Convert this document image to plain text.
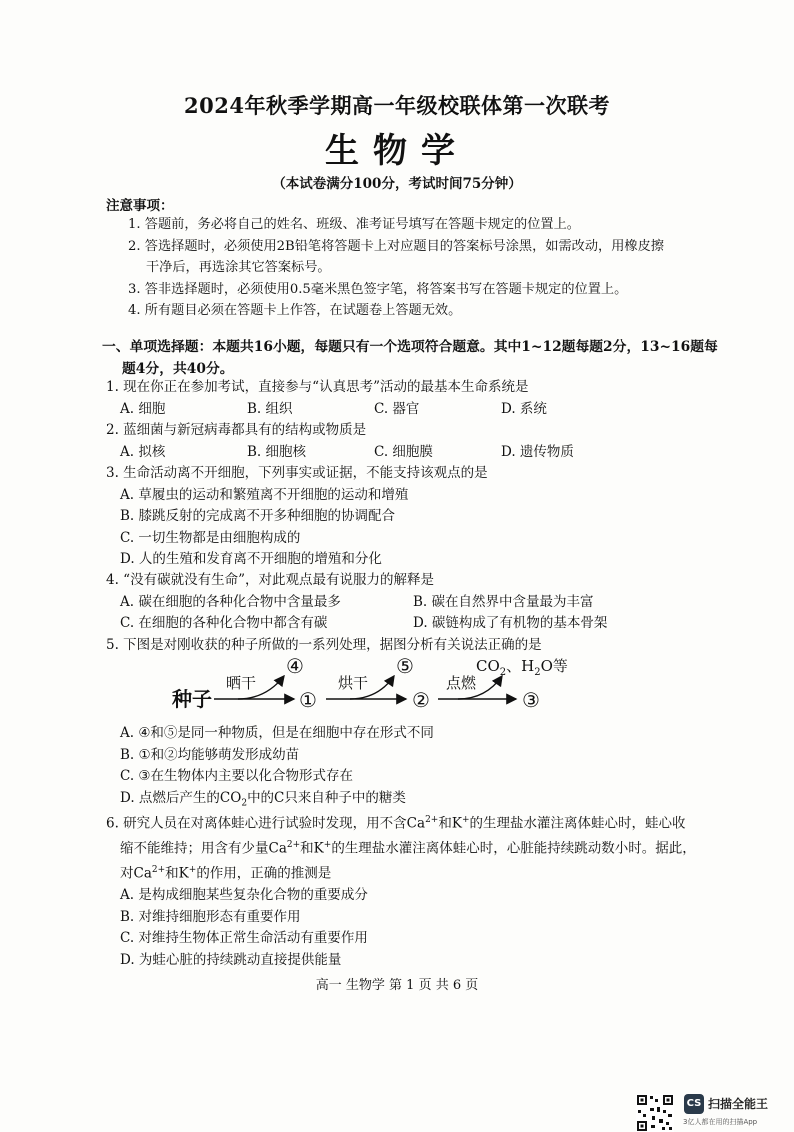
2024年秋季学期高一年级校联体第一次联考
生物学
（本试卷满分100分，考试时间75分钟）
注意事项：
1. 答题前，务必将自己的姓名、班级、准考证号填写在答题卡规定的位置上。
2. 答选择题时，必须使用2B铅笔将答题卡上对应题目的答案标号涂黑，如需改动，用橡皮擦
干净后，再选涂其它答案标号。
3. 答非选择题时，必须使用0.5毫米黑色签字笔，将答案书写在答题卡规定的位置上。
4. 所有题目必须在答题卡上作答，在试题卷上答题无效。
一、单项选择题：本题共16小题，每题只有一个选项符合题意。其中1~12题每题2分，13~16题每
题4分，共40分。
1. 现在你正在参加考试，直接参与“认真思考”活动的最基本生命系统是
A. 细胞	B. 组织	C. 器官	D. 系统
2. 蓝细菌与新冠病毒都具有的结构或物质是
A. 拟核	B. 细胞核	C. 细胞膜	D. 遗传物质
3. 生命活动离不开细胞，下列事实或证据，不能支持该观点的是
A. 草履虫的运动和繁殖离不开细胞的运动和增殖
B. 膝跳反射的完成离不开多种细胞的协调配合
C. 一切生物都是由细胞构成的
D. 人的生殖和发育离不开细胞的增殖和分化
4. “没有碳就没有生命”，对此观点最有说服力的解释是
A. 碳在细胞的各种化合物中含量最多	B. 碳在自然界中含量最为丰富
C. 在细胞的各种化合物中都含有碳	D. 碳链构成了有机物的基本骨架
5. 下图是对刚收获的种子所做的一系列处理，据图分析有关说法正确的是
种子
晒干	烘干	点燃
①	②	③
④	⑤	$CO_2$、$H_2O$等
A. ④和⑤是同一种物质，但是在细胞中存在形式不同
B. ①和②均能够萌发形成幼苗
C. ③在生物体内主要以化合物形式存在
D. 点燃后产生的$CO_2$中的C只来自种子中的糖类
6. 研究人员在对离体蛙心进行试验时发现，用不含$Ca^{2+}$和K+的生理盐水灌注离体蛙心时，蛙心收
缩不能维持；用含有少量$Ca^{2+}$和K+的生理盐水灌注离体蛙心时，心脏能持续跳动数小时。据此，
对$Ca^{2+}$和K+的作用，正确的推测是
A. 是构成细胞某些复杂化合物的重要成分
B. 对维持细胞形态有重要作用
C. 对维持生物体正常生命活动有重要作用
D. 为蛙心脏的持续跳动直接提供能量
高一 生物学 第 1 页 共 6 页
CS 扫描全能王
3亿人都在用的扫描App
